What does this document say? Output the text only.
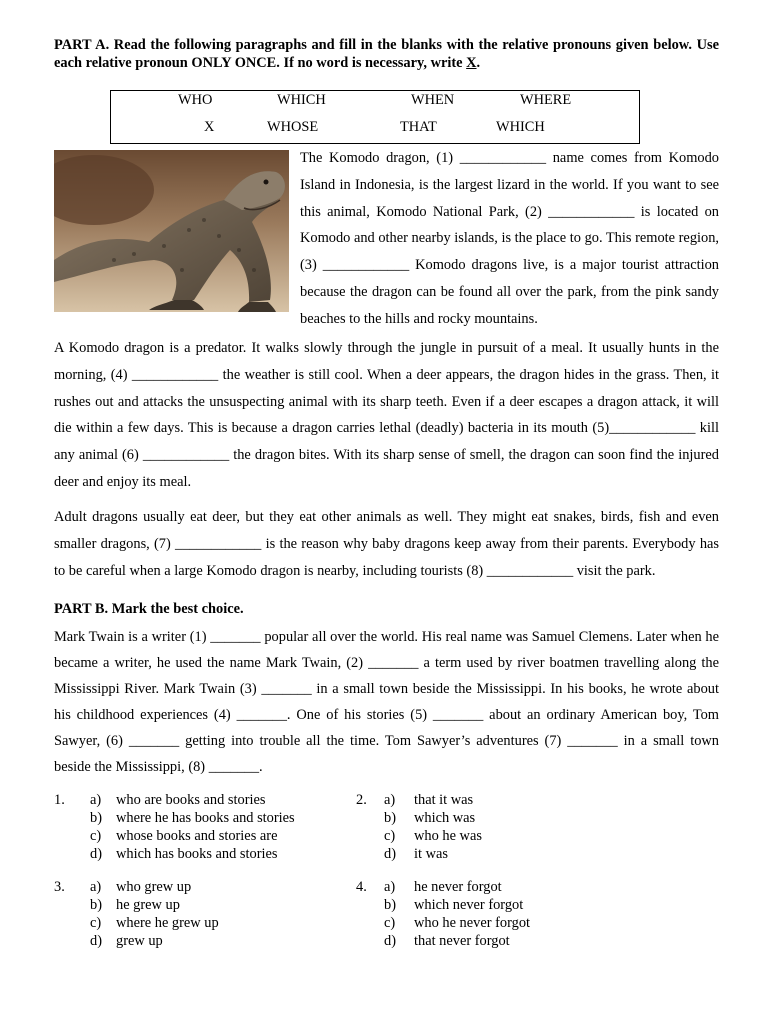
PART A. Read the following paragraphs and fill in the blanks with the relative pronouns given below. Use each relative pronoun ONLY ONCE. If no word is necessary, write X.

WHO	WHICH	WHEN	WHERE
X	WHOSE	THAT	WHICH

The Komodo dragon, (1) ____________ name comes from Komodo Island in Indonesia, is the largest lizard in the world. If you want to see this animal, Komodo National Park, (2) ____________ is located on Komodo and other nearby islands, is the place to go. This remote region, (3) ____________ Komodo dragons live, is a major tourist attraction because the dragon can be found all over the park, from the pink sandy beaches to the hills and rocky mountains.

A Komodo dragon is a predator. It walks slowly through the jungle in pursuit of a meal. It usually hunts in the morning, (4) ____________ the weather is still cool. When a deer appears, the dragon hides in the grass. Then, it rushes out and attacks the unsuspecting animal with its sharp teeth. Even if a deer escapes a dragon attack, it will die within a few days. This is because a dragon carries lethal (deadly) bacteria in its mouth (5)____________ kill any animal (6) ____________ the dragon bites. With its sharp sense of smell, the dragon can soon find the injured deer and enjoy its meal.

Adult dragons usually eat deer, but they eat other animals as well. They might eat snakes, birds, fish and even smaller dragons, (7) ____________ is the reason why baby dragons keep away from their parents. Everybody has to be careful when a large Komodo dragon is nearby, including tourists (8) ____________ visit the park.

PART B. Mark the best choice.

Mark Twain is a writer (1) _______ popular all over the world. His real name was Samuel Clemens. Later when he became a writer, he used the name Mark Twain, (2) _______ a term used by river boatmen travelling along the Mississippi River. Mark Twain (3) _______ in a small town beside the Mississippi. In his books, he wrote about his childhood experiences (4) _______. One of his stories (5) _______ about an ordinary American boy, Tom Sawyer, (6) _______ getting into trouble all the time. Tom Sawyer’s adventures (7) _______ in a small town beside the Mississippi, (8) _______.

1. a) who are books and stories
b) where he has books and stories
c) whose books and stories are
d) which has books and stories
2. a) that it was
b) which was
c) who he was
d) it was
3. a) who grew up
b) he grew up
c) where he grew up
d) grew up
4. a) he never forgot
b) which never forgot
c) who he never forgot
d) that never forgot
